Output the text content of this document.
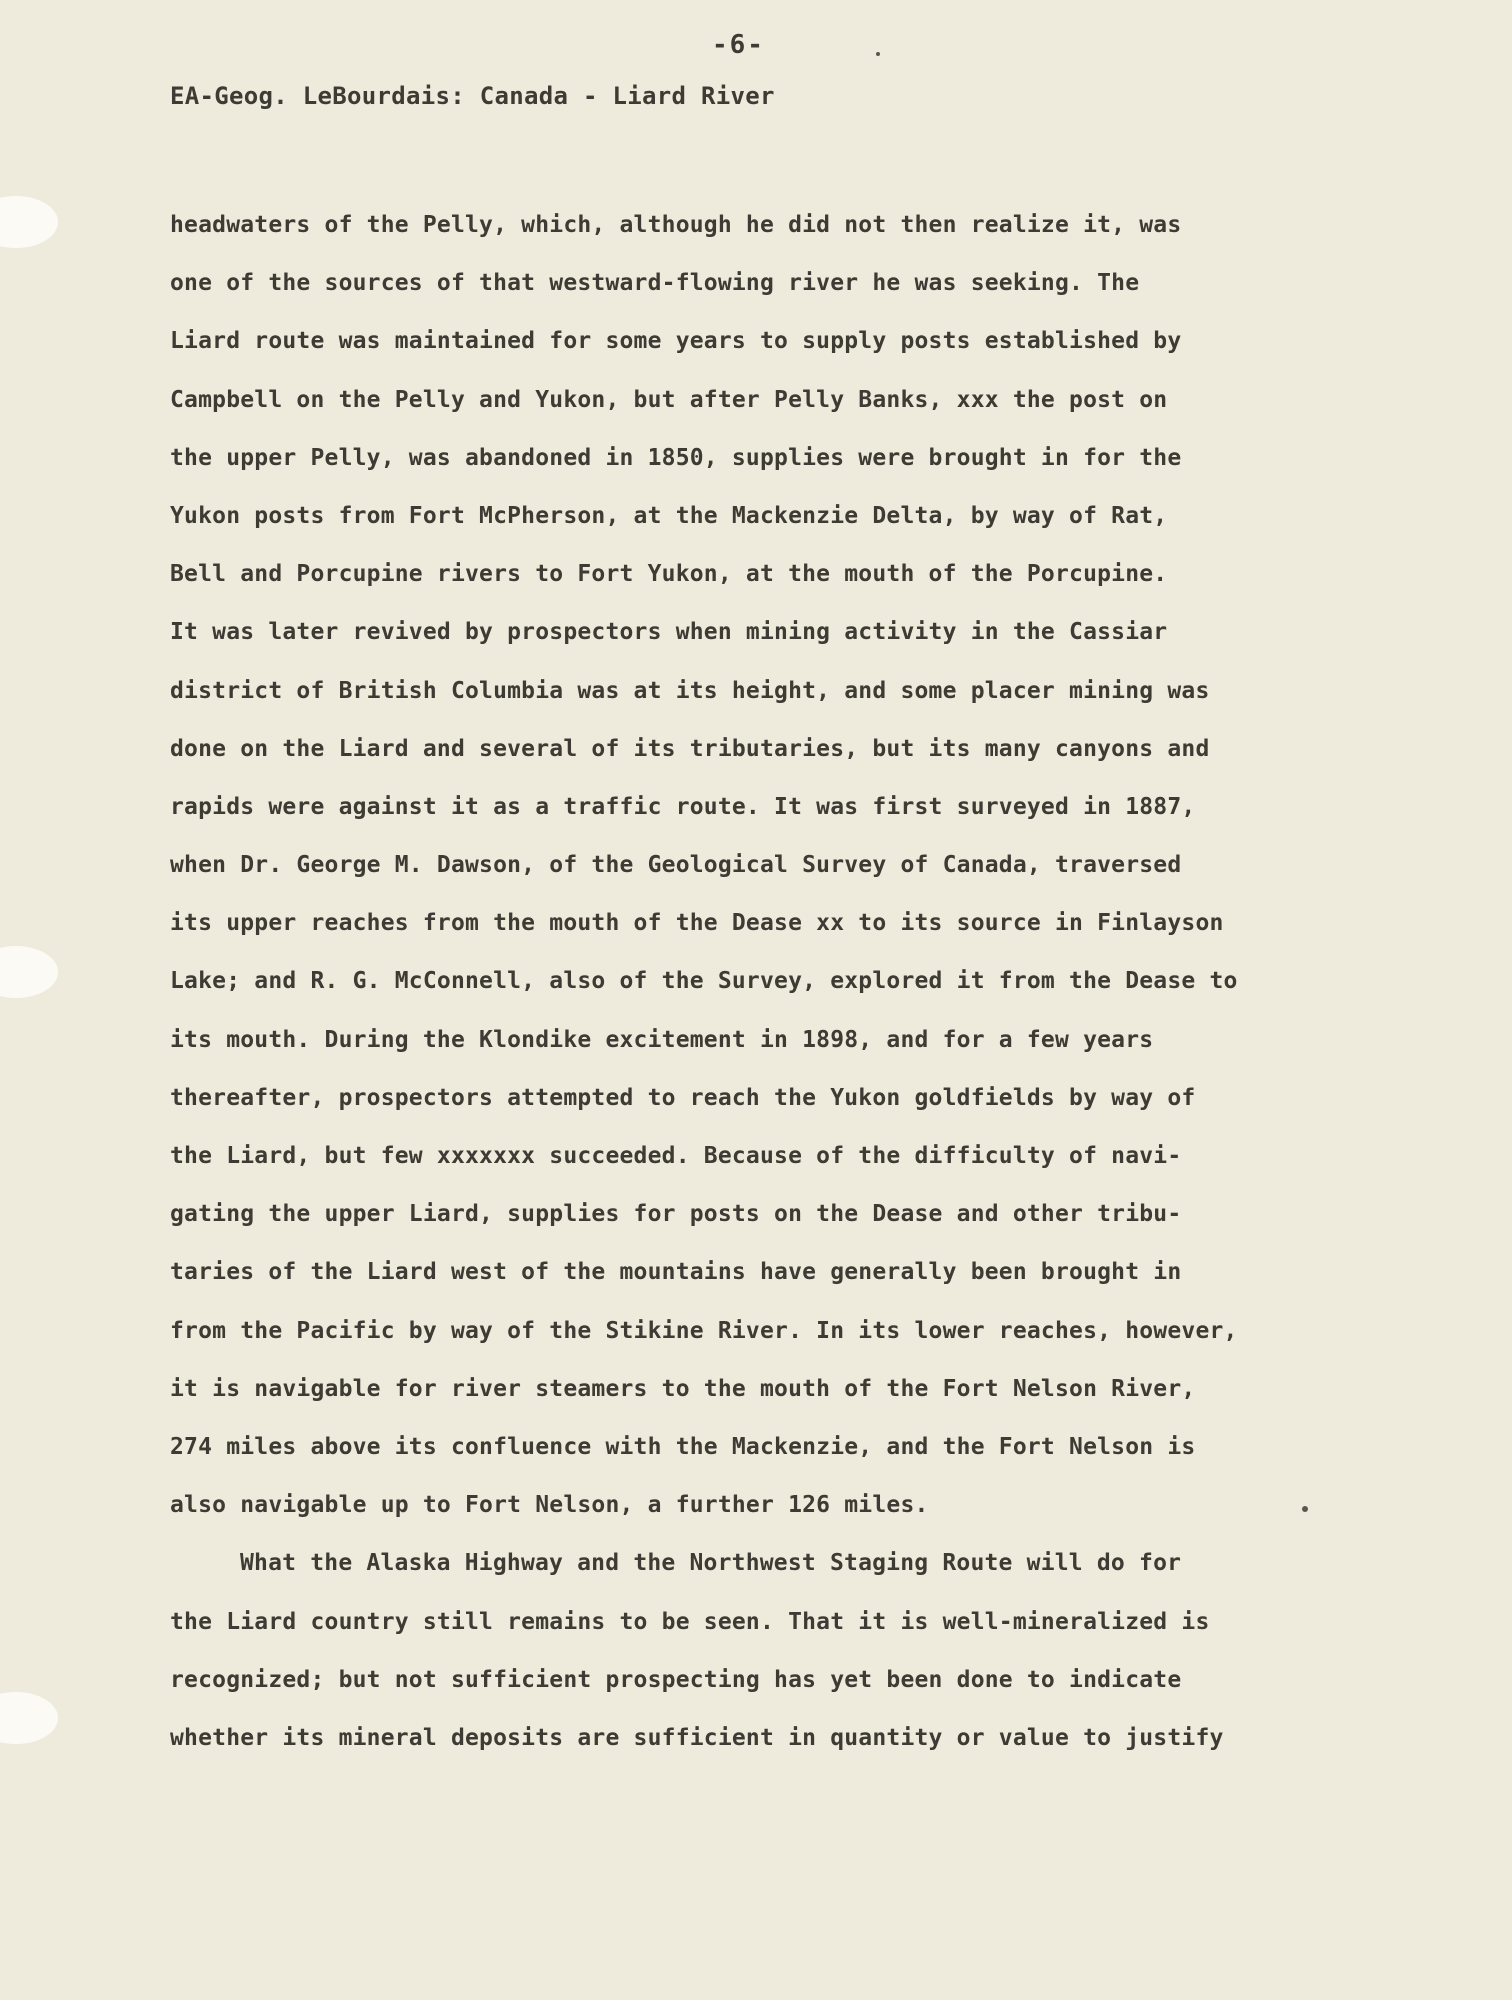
-6-
EA-Geog. LeBourdais: Canada - Liard River
headwaters of the Pelly, which, although he did not then realize it, was
one of the sources of that westward-flowing river he was seeking. The
Liard route was maintained for some years to supply posts established by
Campbell on the Pelly and Yukon, but after Pelly Banks, xxx the post on
the upper Pelly, was abandoned in 1850, supplies were brought in for the
Yukon posts from Fort McPherson, at the Mackenzie Delta, by way of Rat,
Bell and Porcupine rivers to Fort Yukon, at the mouth of the Porcupine.
It was later revived by prospectors when mining activity in the Cassiar
district of British Columbia was at its height, and some placer mining was
done on the Liard and several of its tributaries, but its many canyons and
rapids were against it as a traffic route. It was first surveyed in 1887,
when Dr. George M. Dawson, of the Geological Survey of Canada, traversed
its upper reaches from the mouth of the Dease xx to its source in Finlayson
Lake; and R. G. McConnell, also of the Survey, explored it from the Dease to
its mouth. During the Klondike excitement in 1898, and for a few years
thereafter, prospectors attempted to reach the Yukon goldfields by way of
the Liard, but few xxxxxxx succeeded. Because of the difficulty of navi-
gating the upper Liard, supplies for posts on the Dease and other tribu-
taries of the Liard west of the mountains have generally been brought in
from the Pacific by way of the Stikine River. In its lower reaches, however,
it is navigable for river steamers to the mouth of the Fort Nelson River,
274 miles above its confluence with the Mackenzie, and the Fort Nelson is
also navigable up to Fort Nelson, a further 126 miles.
What the Alaska Highway and the Northwest Staging Route will do for
the Liard country still remains to be seen. That it is well-mineralized is
recognized; but not sufficient prospecting has yet been done to indicate
whether its mineral deposits are sufficient in quantity or value to justify
